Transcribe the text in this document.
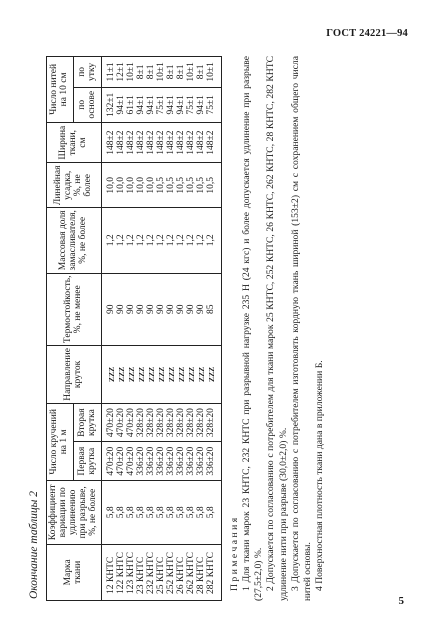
ГОСТ 24221—94
Окончание таблицы 2 Марка ткани	Коэффициент вариации по удлинению при разрыве, %, не более	Число кручений на 1 м		Направление круток	Термостойкость, %, не менее	Массовая доля замасливателя, %, не более	Линейная усадка, %, не более	Ширина ткани, см	Число нитей на 10 см	
		Первая крутка	Вторая крутка						по основе	по утку
12 КНТС	5,8	470±20	470±20	ZZZ	90	1,2	10,0	148±2	132±1	11±1
122 КНТС	5,8	470±20	470±20	ZZZ	90	1,2	10,0	148±2	94±1	12±1
123 КНТС	5,8	470±20	470±20	ZZZ	90	1,2	10,0	148±2	61±1	10±1
23 КНТС	5,8	336±20	328±20	ZZZ	90	1,2	10,0	148±2	94±1	8±1
232 КНТС	5,8	336±20	328±20	ZZZ	90	1,2	10,0	148±2	94±1	8±1
25 КНТС	5,8	336±20	328±20	ZZZ	90	1,2	10,5	148±2	75±1	10±1
252 КНТС	5,8	336±20	328±20	ZZZ	90	1,2	10,5	148±2	94±1	8±1
26 КНТС	5,8	336±20	328±20	ZZZ	90	1,2	10,5	148±2	94±1	8±1
262 КНТС	5,8	336±20	328±20	ZZZ	90	1,2	10,5	148±2	75±1	10±1
28 КНТС	5,8	336±20	328±20	ZZZ	90	1,2	10,5	148±2	94±1	8±1
282 КНТС	5,8	336±20	328±20	ZZZ	85	1,2	10,5	148±2	75±1	10±1
Примечания 1 Для ткани марок 23 КНТС, 232 КНТС при разрывной нагрузке 235 Н (24 кгс) и более допускается удлинение при разрыве (27,5±2,0) %. 2 Допускается по согласованию с потребителем для ткани марок 25 КНТС, 252 КНТС, 26 КНТС, 262 КНТС, 28 КНТС, 282 КНТС удлинение нити при разрыве (30,0±2,0) %. 3 Допускается по согласованию с потребителем изготовлять кордную ткань шириной (153±2) см с сохранением общего числа нитей основы. 4 Поверхностная плотность ткани дана в приложении Б.
5
